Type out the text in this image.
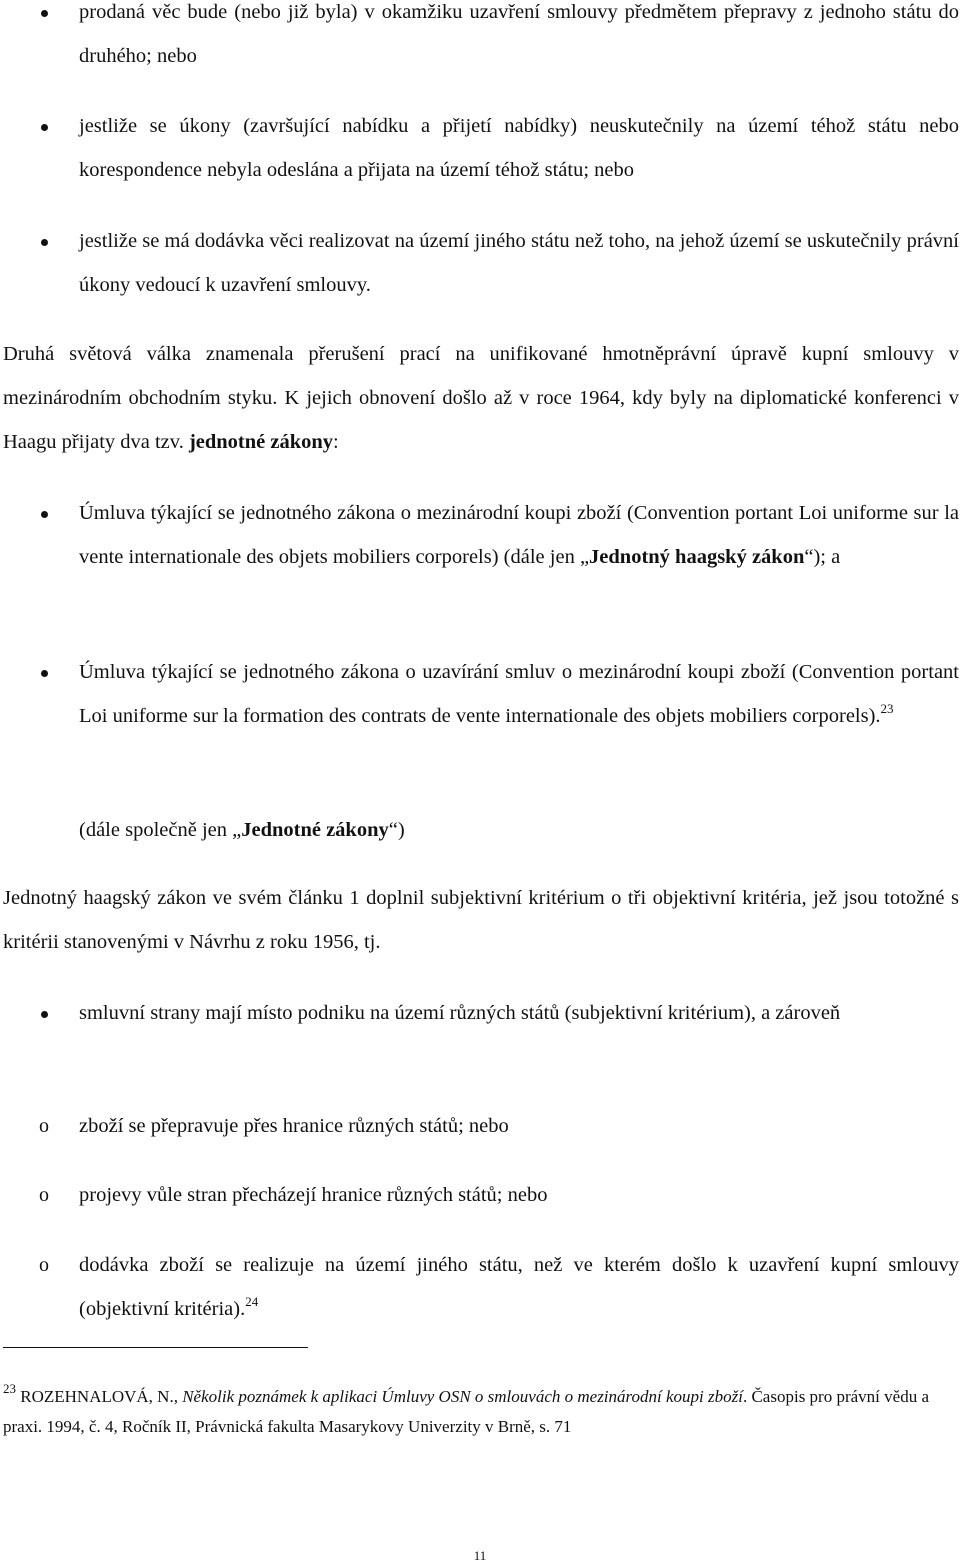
prodaná věc bude (nebo již byla) v okamžiku uzavření smlouvy předmětem přepravy z jednoho státu do druhého; nebo

jestliže se úkony (završující nabídku a přijetí nabídky) neuskutečnily na území téhož státu nebo korespondence nebyla odeslána a přijata na území téhož státu; nebo

jestliže se má dodávka věci realizovat na území jiného státu než toho, na jehož území se uskutečnily právní úkony vedoucí k uzavření smlouvy.

Druhá světová válka znamenala přerušení prací na unifikované hmotněprávní úpravě kupní smlouvy v mezinárodním obchodním styku. K jejich obnovení došlo až v roce 1964, kdy byly na diplomatické konferenci v Haagu přijaty dva tzv. jednotné zákony:

Úmluva týkající se jednotného zákona o mezinárodní koupi zboží (Convention portant Loi uniforme sur la vente internationale des objets mobiliers corporels) (dále jen „Jednotný haagský zákon“); a

Úmluva týkající se jednotného zákona o uzavírání smluv o mezinárodní koupi zboží (Convention portant Loi uniforme sur la formation des contrats de vente internationale des objets mobiliers corporels).$^{23}$

(dále společně jen „Jednotné zákony“)

Jednotný haagský zákon ve svém článku 1 doplnil subjektivní kritérium o tři objektivní kritéria, jež jsou totožné s kritérii stanovenými v Návrhu z roku 1956, tj.

smluvní strany mají místo podniku na území různých států (subjektivní kritérium), a zároveň

o zboží se přepravuje přes hranice různých států; nebo

o projevy vůle stran přecházejí hranice různých států; nebo

o dodávka zboží se realizuje na území jiného státu, než ve kterém došlo k uzavření kupní smlouvy (objektivní kritéria).$^{24}$

$^{23}$ ROZEHNALOVÁ, N., Několik poznámek k aplikaci Úmluvy OSN o smlouvách o mezinárodní koupi zboží. Časopis pro právní vědu a praxi. 1994, č. 4, Ročník II, Právnická fakulta Masarykovy Univerzity v Brně, s. 71

11
